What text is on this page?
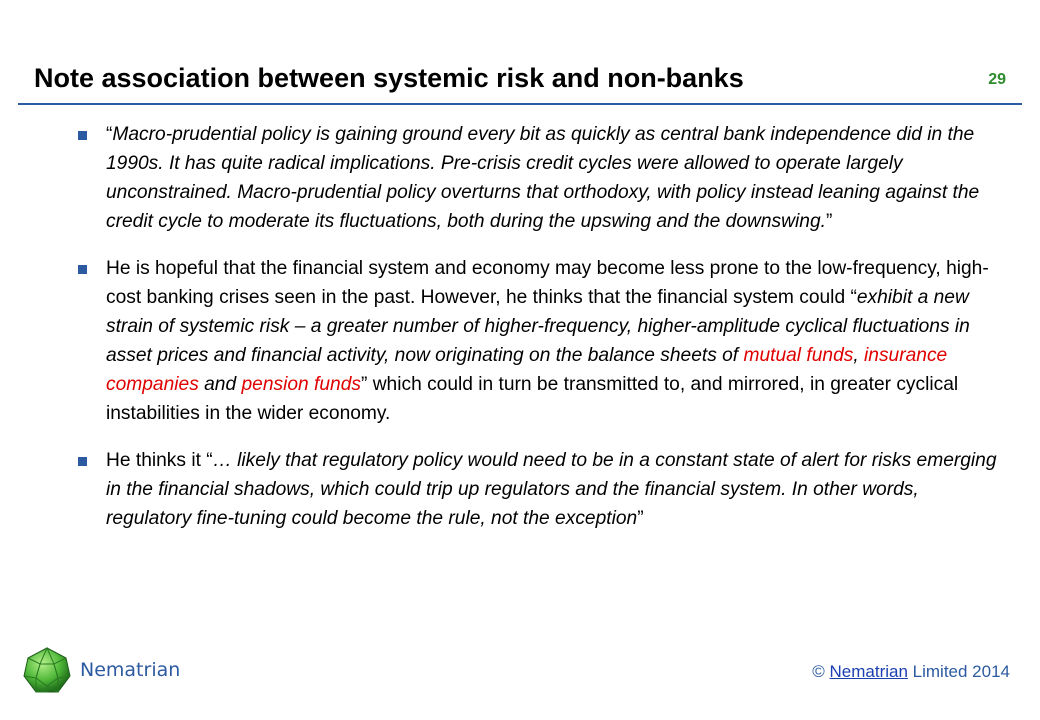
Note association between systemic risk and non-banks	29
“Macro-prudential policy is gaining ground every bit as quickly as central bank independence did in the 1990s. It has quite radical implications. Pre-crisis credit cycles were allowed to operate largely unconstrained. Macro-prudential policy overturns that orthodoxy, with policy instead leaning against the credit cycle to moderate its fluctuations, both during the upswing and the downswing.”
He is hopeful that the financial system and economy may become less prone to the low-frequency, high-cost banking crises seen in the past. However, he thinks that the financial system could “exhibit a new strain of systemic risk – a greater number of higher-frequency, higher-amplitude cyclical fluctuations in asset prices and financial activity, now originating on the balance sheets of mutual funds, insurance companies and pension funds” which could in turn be transmitted to, and mirrored, in greater cyclical instabilities in the wider economy.
He thinks it “… likely that regulatory policy would need to be in a constant state of alert for risks emerging in the financial shadows, which could trip up regulators and the financial system. In other words, regulatory fine-tuning could become the rule, not the exception”
Nematrian	© Nematrian Limited 2014
